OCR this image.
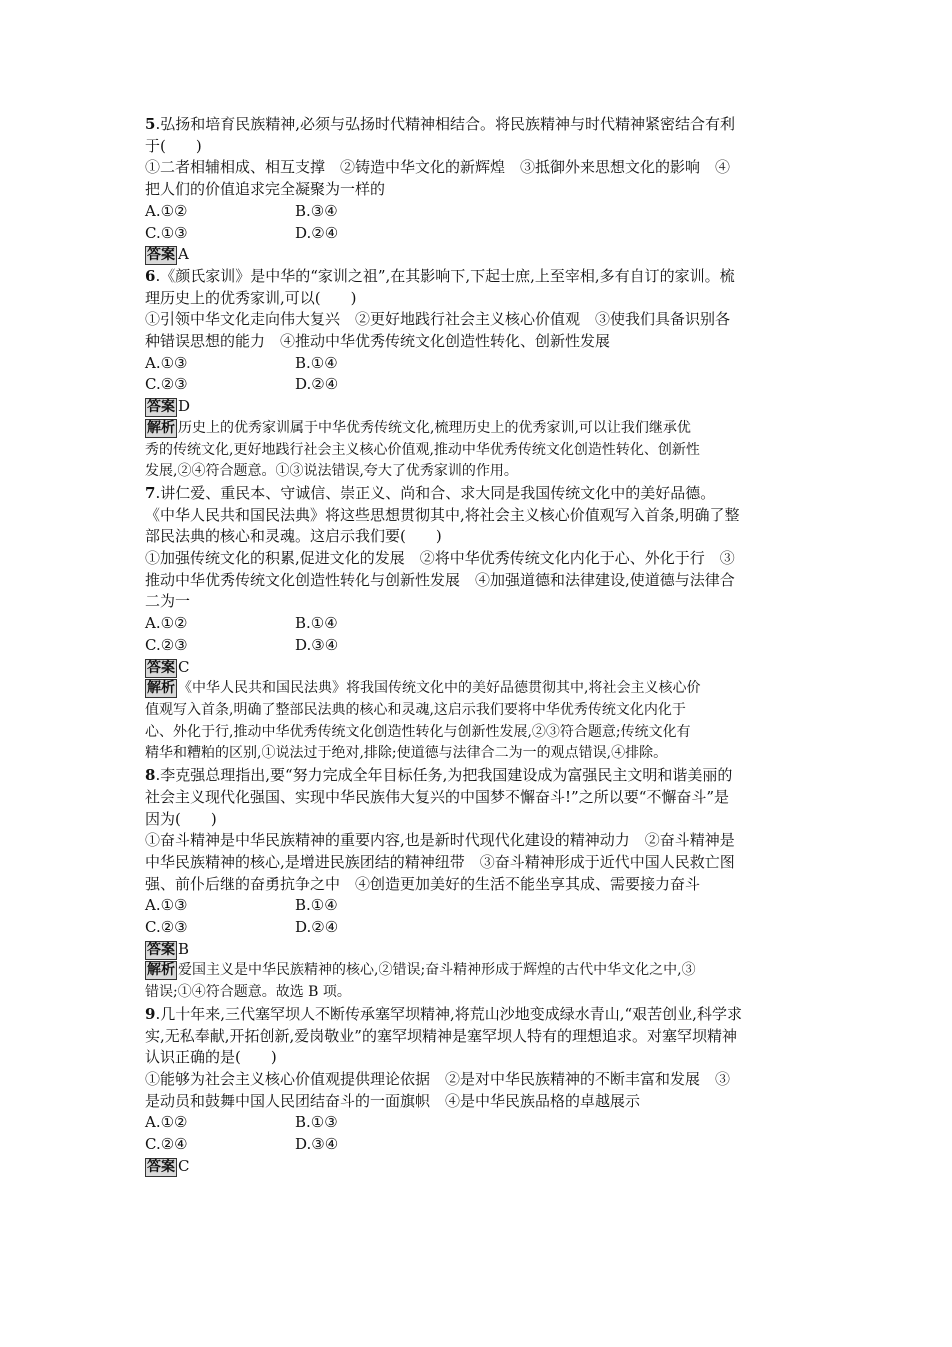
5.弘扬和培育民族精神,必须与弘扬时代精神相结合。将民族精神与时代精神紧密结合有利
于(　　)
①二者相辅相成、相互支撑　②铸造中华文化的新辉煌　③抵御外来思想文化的影响　④
把人们的价值追求完全凝聚为一样的
A.①②	B.③④
C.①③	D.②④
答案 A
6.《颜氏家训》是中华的“家训之祖”,在其影响下,下起士庶,上至宰相,多有自订的家训。梳
理历史上的优秀家训,可以(　　)
①引领中华文化走向伟大复兴　②更好地践行社会主义核心价值观　③使我们具备识别各
种错误思想的能力　④推动中华优秀传统文化创造性转化、创新性发展
A.①③	B.①④
C.②③	D.②④
答案 D
解析 历史上的优秀家训属于中华优秀传统文化,梳理历史上的优秀家训,可以让我们继承优
秀的传统文化,更好地践行社会主义核心价值观,推动中华优秀传统文化创造性转化、创新性
发展,②④符合题意。①③说法错误,夸大了优秀家训的作用。
7.讲仁爱、重民本、守诚信、崇正义、尚和合、求大同是我国传统文化中的美好品德。
《中华人民共和国民法典》将这些思想贯彻其中,将社会主义核心价值观写入首条,明确了整
部民法典的核心和灵魂。这启示我们要(　　)
①加强传统文化的积累,促进文化的发展　②将中华优秀传统文化内化于心、外化于行　③
推动中华优秀传统文化创造性转化与创新性发展　④加强道德和法律建设,使道德与法律合
二为一
A.①②	B.①④
C.②③	D.③④
答案 C
解析 《中华人民共和国民法典》将我国传统文化中的美好品德贯彻其中,将社会主义核心价
值观写入首条,明确了整部民法典的核心和灵魂,这启示我们要将中华优秀传统文化内化于
心、外化于行,推动中华优秀传统文化创造性转化与创新性发展,②③符合题意;传统文化有
精华和糟粕的区别,①说法过于绝对,排除;使道德与法律合二为一的观点错误,④排除。
8.李克强总理指出,要“努力完成全年目标任务,为把我国建设成为富强民主文明和谐美丽的
社会主义现代化强国、实现中华民族伟大复兴的中国梦不懈奋斗!”之所以要“不懈奋斗”是
因为(　　)
①奋斗精神是中华民族精神的重要内容,也是新时代现代化建设的精神动力　②奋斗精神是
中华民族精神的核心,是增进民族团结的精神纽带　③奋斗精神形成于近代中国人民救亡图
强、前仆后继的奋勇抗争之中　④创造更加美好的生活不能坐享其成、需要接力奋斗
A.①③	B.①④
C.②③	D.②④
答案 B
解析 爱国主义是中华民族精神的核心,②错误;奋斗精神形成于辉煌的古代中华文化之中,③
错误;①④符合题意。故选 B 项。
9.几十年来,三代塞罕坝人不断传承塞罕坝精神,将荒山沙地变成绿水青山,“艰苦创业,科学求
实,无私奉献,开拓创新,爱岗敬业”的塞罕坝精神是塞罕坝人特有的理想追求。对塞罕坝精神
认识正确的是(　　)
①能够为社会主义核心价值观提供理论依据　②是对中华民族精神的不断丰富和发展　③
是动员和鼓舞中国人民团结奋斗的一面旗帜　④是中华民族品格的卓越展示
A.①②	B.①③
C.②④	D.③④
答案 C
